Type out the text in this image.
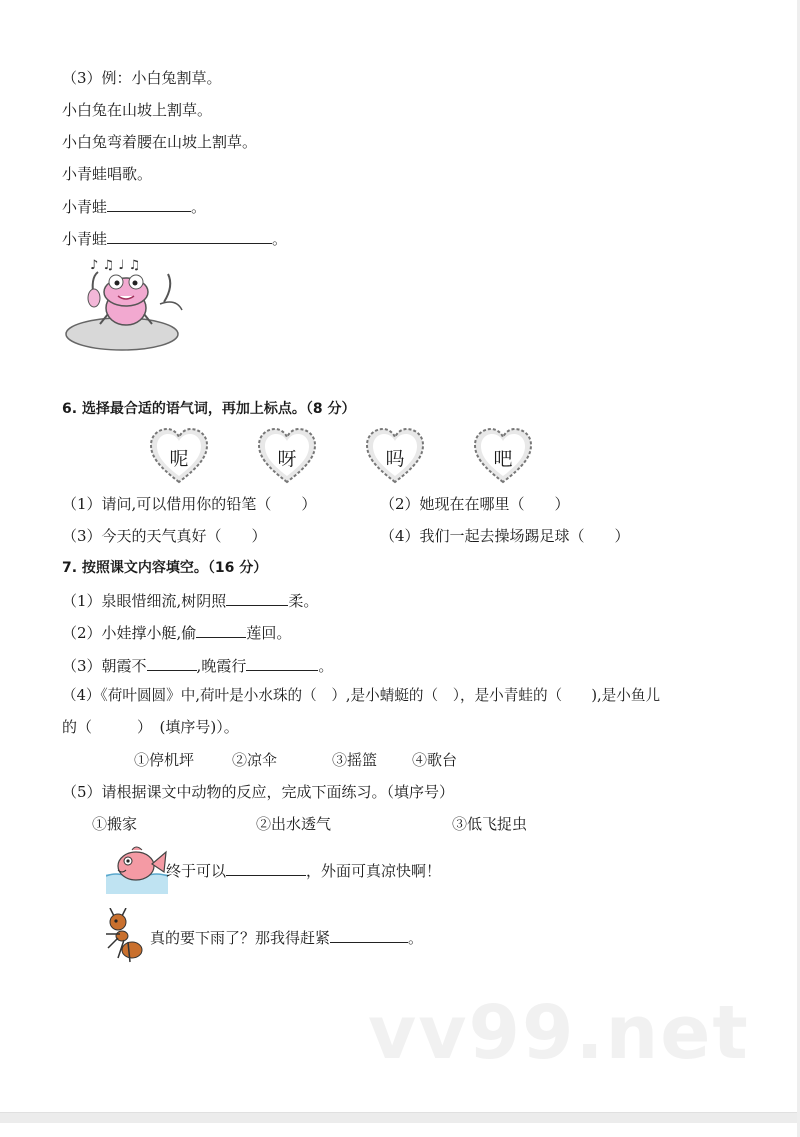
（3）例：小白兔割草。
小白兔在山坡上割草。
小白兔弯着腰在山坡上割草。
小青蛙唱歌。
小青蛙	。
小青蛙	。
♪ ♫ ♩ ♫
6. 选择最合适的语气词，再加上标点。（8 分）
呢	呀	吗	吧
（1）请问,可以借用你的铅笔（　　）	（2）她现在在哪里（　　）
（3）今天的天气真好（　　）	（4）我们一起去操场踢足球（　　）
7. 按照课文内容填空。（16 分）
（1）泉眼惜细流,树阴照	柔。
（2）小娃撑小艇,偷	莲回。
（3）朝霞不	,晚霞行	。
（4）《荷叶圆圆》中,荷叶是小水珠的（　）,是小蜻蜓的（　），是小青蛙的（　　),是小鱼儿
的（　　　）　(填序号)）。
①停机坪	②凉伞	③摇篮 ④歌台
（5）请根据课文中动物的反应，完成下面练习。（填序号）
①搬家	②出水透气	③低飞捉虫
终于可以	，外面可真凉快啊！
真的要下雨了？那我得赶紧	。
vv99.net
